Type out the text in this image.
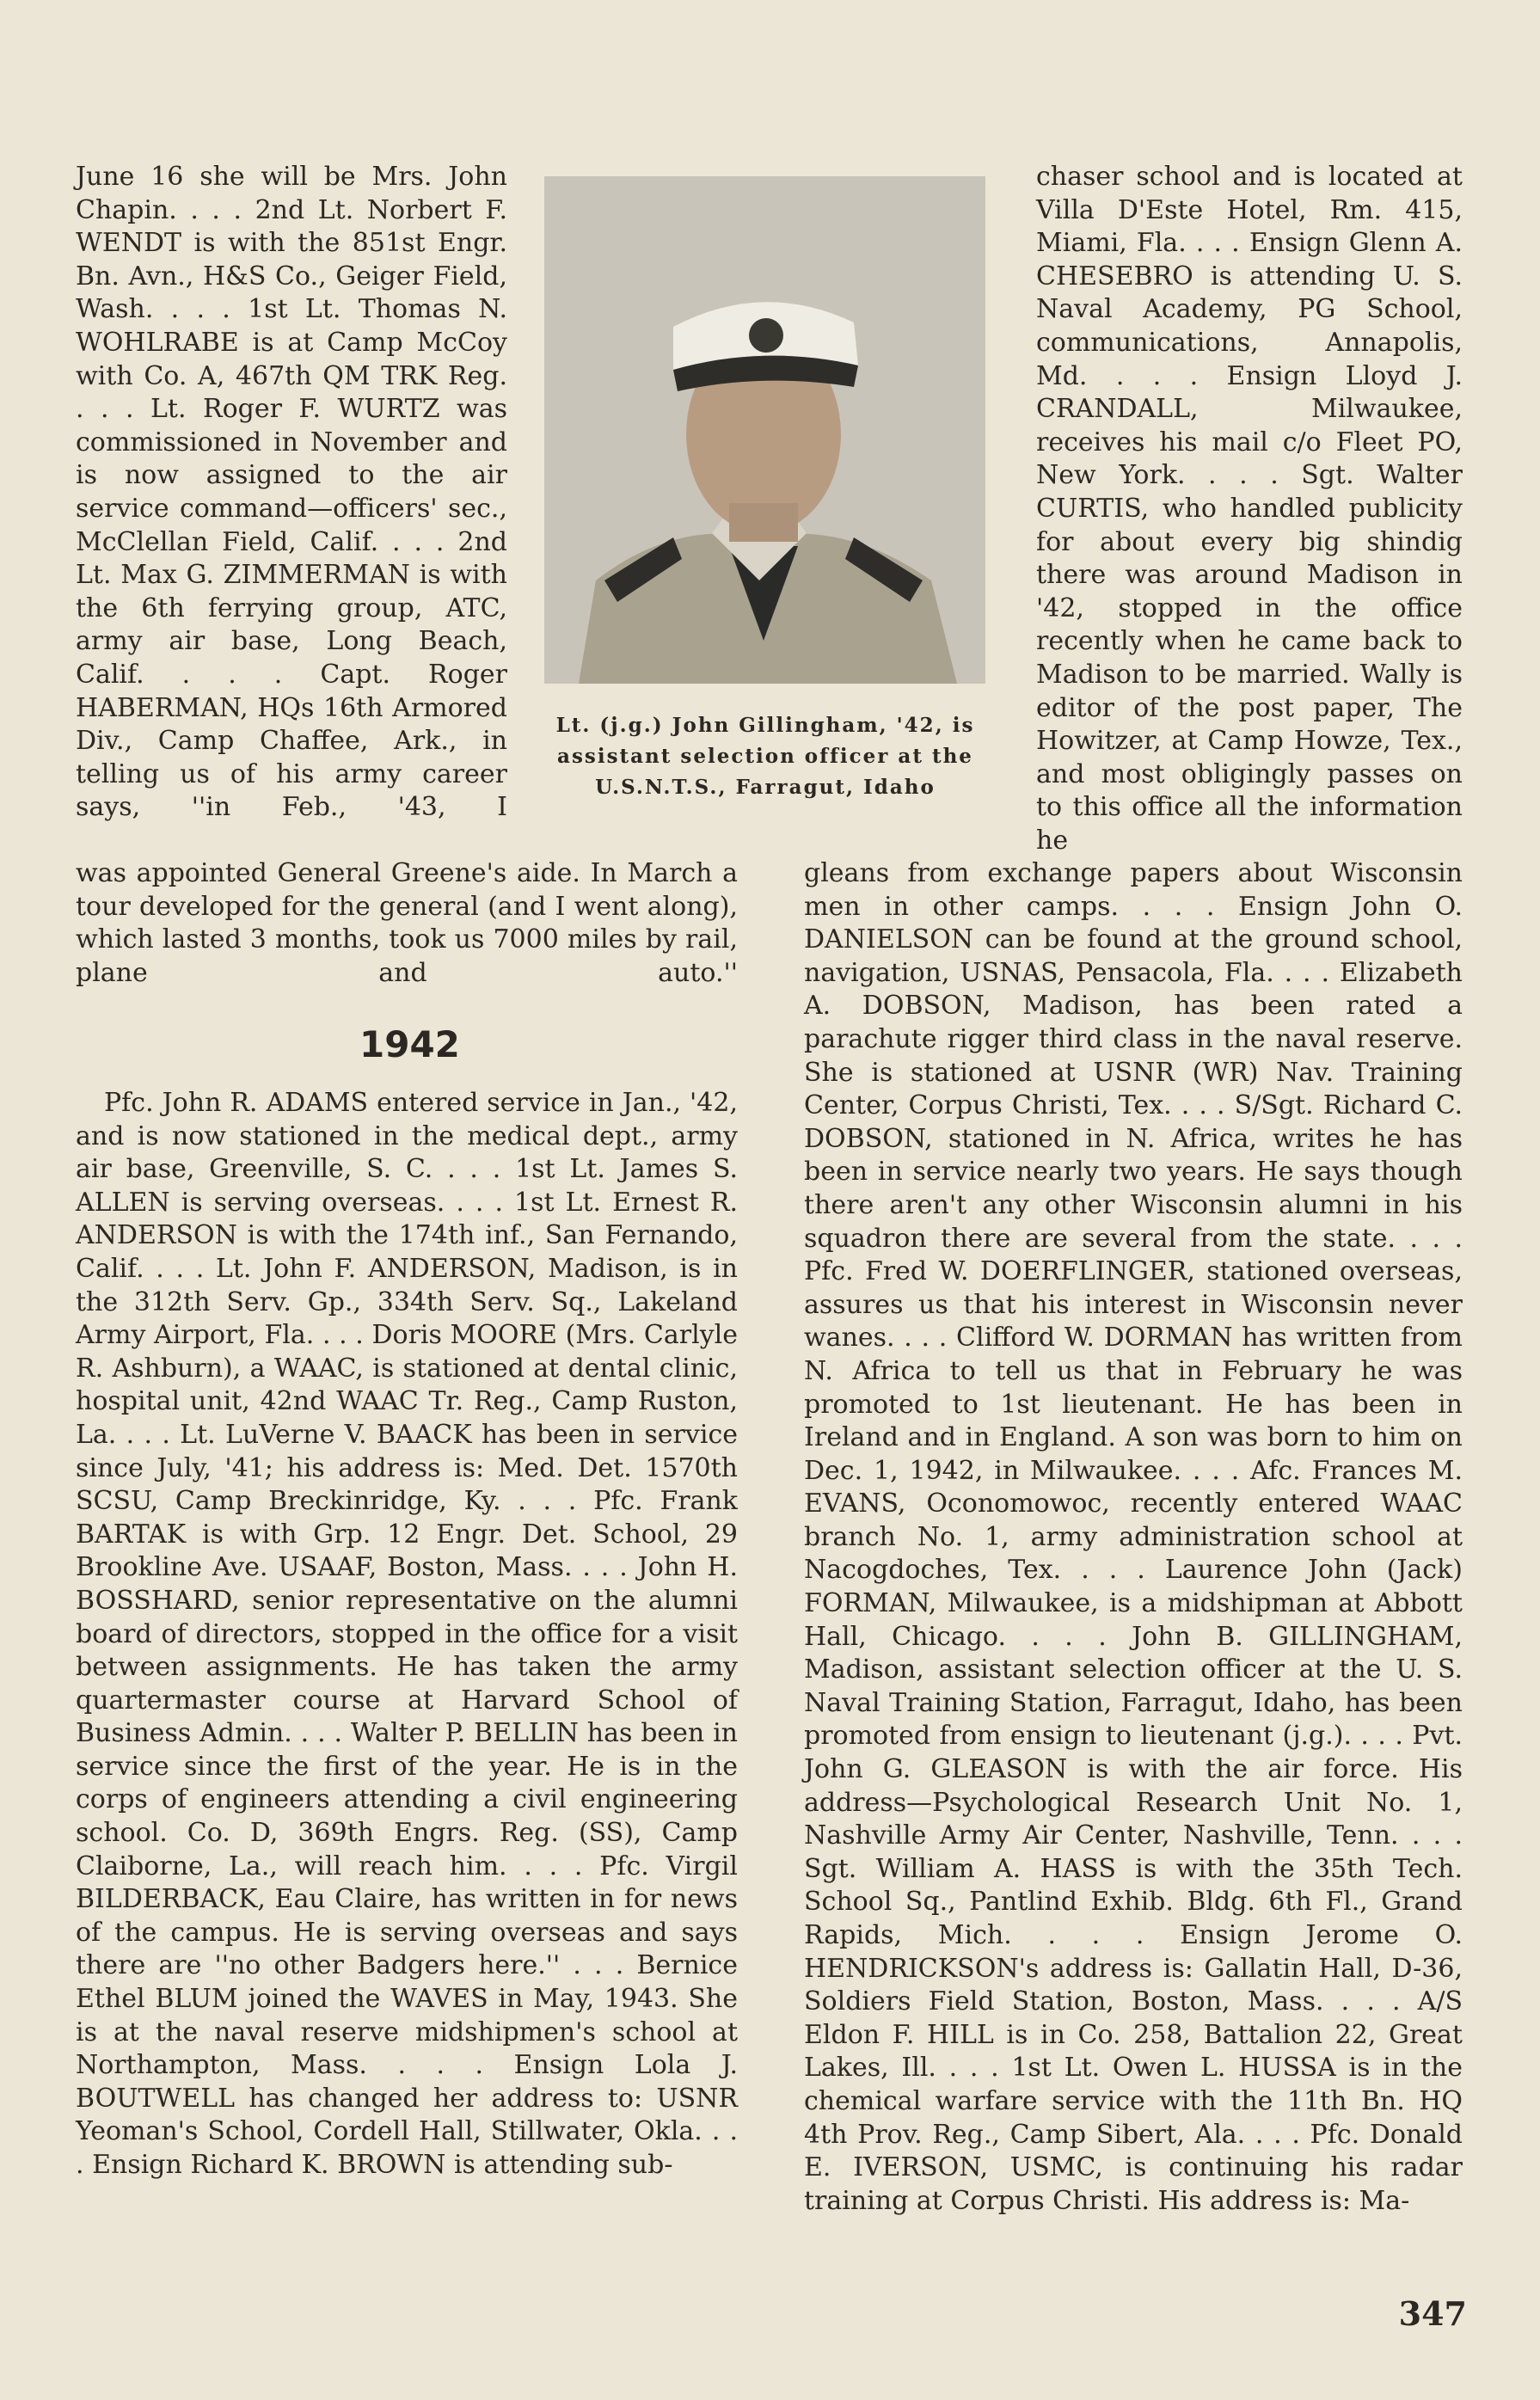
June 16 she will be Mrs. John Chapin. . . . 2nd Lt. Norbert F. WENDT is with the 851st Engr. Bn. Avn., H&S Co., Geiger Field, Wash. . . . 1st Lt. Thomas N. WOHLRABE is at Camp McCoy with Co. A, 467th QM TRK Reg. . . . Lt. Roger F. WURTZ was commissioned in November and is now assigned to the air service command—officers' sec., McClellan Field, Calif. . . . 2nd Lt. Max G. ZIMMERMAN is with the 6th ferrying group, ATC, army air base, Long Beach, Calif. . . . Capt. Roger HABERMAN, HQs 16th Armored Div., Camp Chaffee, Ark., in telling us of his army career says, ''in Feb., '43, I

Lt. (j.g.) John Gillingham, '42, is assistant selection officer at the U.S.N.T.S., Farragut, Idaho

chaser school and is located at Villa D'Este Hotel, Rm. 415, Miami, Fla. . . . Ensign Glenn A. CHESEBRO is attending U. S. Naval Academy, PG School, communications, Annapolis, Md. . . . Ensign Lloyd J. CRANDALL, Milwaukee, receives his mail c/o Fleet PO, New York. . . . Sgt. Walter CURTIS, who handled publicity for about every big shindig there was around Madison in '42, stopped in the office recently when he came back to Madison to be married. Wally is editor of the post paper, The Howitzer, at Camp Howze, Tex., and most obligingly passes on to this office all the information he

was appointed General Greene's aide. In March a tour developed for the general (and I went along), which lasted 3 months, took us 7000 miles by rail, plane and auto.''

1942

Pfc. John R. ADAMS entered service in Jan., '42, and is now stationed in the medical dept., army air base, Greenville, S. C. . . . 1st Lt. James S. ALLEN is serving overseas. . . . 1st Lt. Ernest R. ANDERSON is with the 174th inf., San Fernando, Calif. . . . Lt. John F. ANDERSON, Madison, is in the 312th Serv. Gp., 334th Serv. Sq., Lakeland Army Airport, Fla. . . . Doris MOORE (Mrs. Carlyle R. Ashburn), a WAAC, is stationed at dental clinic, hospital unit, 42nd WAAC Tr. Reg., Camp Ruston, La. . . . Lt. LuVerne V. BAACK has been in service since July, '41; his address is: Med. Det. 1570th SCSU, Camp Breckinridge, Ky. . . . Pfc. Frank BARTAK is with Grp. 12 Engr. Det. School, 29 Brookline Ave. USAAF, Boston, Mass. . . . John H. BOSSHARD, senior representative on the alumni board of directors, stopped in the office for a visit between assignments. He has taken the army quartermaster course at Harvard School of Business Admin. . . . Walter P. BELLIN has been in service since the first of the year. He is in the corps of engineers attending a civil engineering school. Co. D, 369th Engrs. Reg. (SS), Camp Claiborne, La., will reach him. . . . Pfc. Virgil BILDERBACK, Eau Claire, has written in for news of the campus. He is serving overseas and says there are ''no other Badgers here.'' . . . Bernice Ethel BLUM joined the WAVES in May, 1943. She is at the naval reserve midshipmen's school at Northampton, Mass. . . . Ensign Lola J. BOUTWELL has changed her address to: USNR Yeoman's School, Cordell Hall, Stillwater, Okla. . . . Ensign Richard K. BROWN is attending sub-

gleans from exchange papers about Wisconsin men in other camps. . . . Ensign John O. DANIELSON can be found at the ground school, navigation, USNAS, Pensacola, Fla. . . . Elizabeth A. DOBSON, Madison, has been rated a parachute rigger third class in the naval reserve. She is stationed at USNR (WR) Nav. Training Center, Corpus Christi, Tex. . . . S/Sgt. Richard C. DOBSON, stationed in N. Africa, writes he has been in service nearly two years. He says though there aren't any other Wisconsin alumni in his squadron there are several from the state. . . . Pfc. Fred W. DOERFLINGER, stationed overseas, assures us that his interest in Wisconsin never wanes. . . . Clifford W. DORMAN has written from N. Africa to tell us that in February he was promoted to 1st lieutenant. He has been in Ireland and in England. A son was born to him on Dec. 1, 1942, in Milwaukee. . . . Afc. Frances M. EVANS, Oconomowoc, recently entered WAAC branch No. 1, army administration school at Nacogdoches, Tex. . . . Laurence John (Jack) FORMAN, Milwaukee, is a midshipman at Abbott Hall, Chicago. . . . John B. GILLINGHAM, Madison, assistant selection officer at the U. S. Naval Training Station, Farragut, Idaho, has been promoted from ensign to lieutenant (j.g.). . . . Pvt. John G. GLEASON is with the air force. His address—Psychological Research Unit No. 1, Nashville Army Air Center, Nashville, Tenn. . . . Sgt. William A. HASS is with the 35th Tech. School Sq., Pantlind Exhib. Bldg. 6th Fl., Grand Rapids, Mich. . . . Ensign Jerome O. HENDRICKSON's address is: Gallatin Hall, D-36, Soldiers Field Station, Boston, Mass. . . . A/S Eldon F. HILL is in Co. 258, Battalion 22, Great Lakes, Ill. . . . 1st Lt. Owen L. HUSSA is in the chemical warfare service with the 11th Bn. HQ 4th Prov. Reg., Camp Sibert, Ala. . . . Pfc. Donald E. IVERSON, USMC, is continuing his radar training at Corpus Christi. His address is: Ma-

347
